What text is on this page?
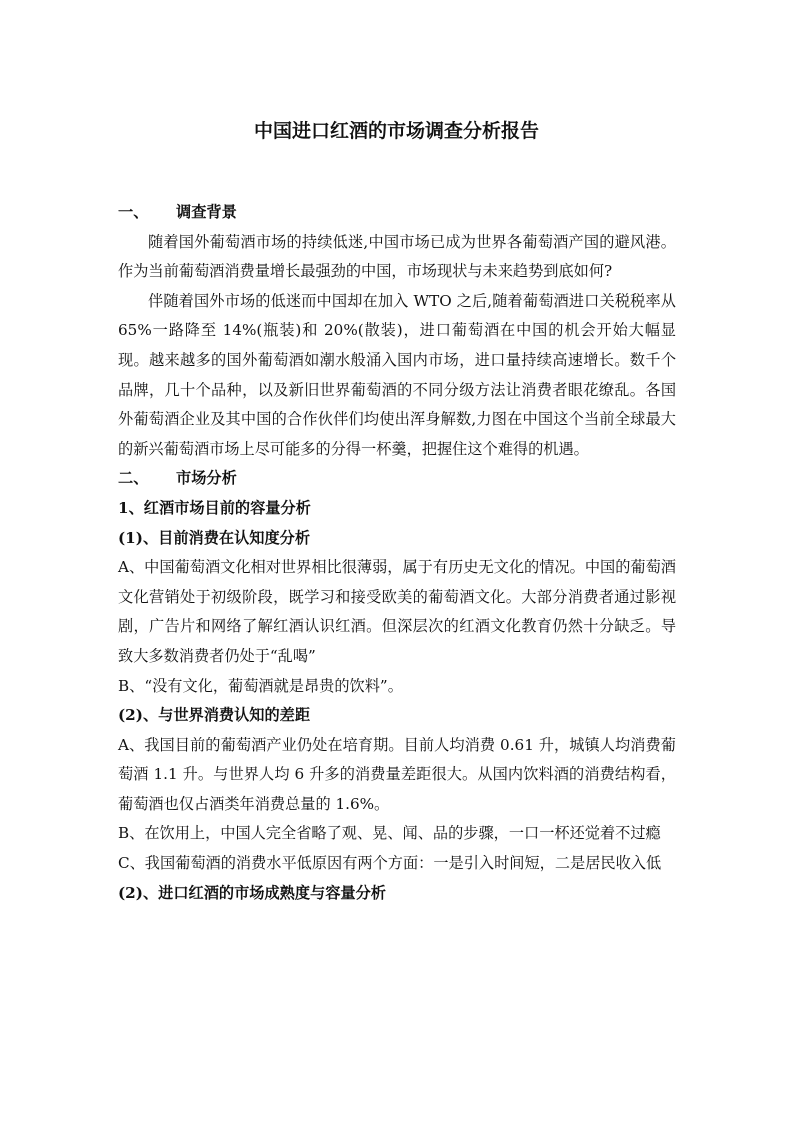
中国进口红酒的市场调查分析报告
一、 调查背景

随着国外葡萄酒市场的持续低迷,中国市场已成为世界各葡萄酒产国的避风港。作为当前葡萄酒消费量增长最强劲的中国，市场现状与未来趋势到底如何?

伴随着国外市场的低迷而中国却在加入 WTO 之后,随着葡萄酒进口关税税率从 65%一路降至 14%(瓶装)和 20%(散装)，进口葡萄酒在中国的机会开始大幅显现。越来越多的国外葡萄酒如潮水般涌入国内市场，进口量持续高速增长。数千个品牌，几十个品种，以及新旧世界葡萄酒的不同分级方法让消费者眼花缭乱。各国外葡萄酒企业及其中国的合作伙伴们均使出浑身解数,力图在中国这个当前全球最大的新兴葡萄酒市场上尽可能多的分得一杯羹，把握住这个难得的机遇。

二、 市场分析
1、红酒市场目前的容量分析
(1)、目前消费在认知度分析

A、中国葡萄酒文化相对世界相比很薄弱，属于有历史无文化的情况。中国的葡萄酒文化营销处于初级阶段，既学习和接受欧美的葡萄酒文化。大部分消费者通过影视剧，广告片和网络了解红酒认识红酒。但深层次的红酒文化教育仍然十分缺乏。导致大多数消费者仍处于“乱喝”

B、“没有文化，葡萄酒就是昂贵的饮料”。

(2)、与世界消费认知的差距

A、我国目前的葡萄酒产业仍处在培育期。目前人均消费 0.61 升，城镇人均消费葡萄酒 1.1 升。与世界人均 6 升多的消费量差距很大。从国内饮料酒的消费结构看，葡萄酒也仅占酒类年消费总量的 1.6%。

B、在饮用上，中国人完全省略了观、晃、闻、品的步骤，一口一杯还觉着不过瘾

C、我国葡萄酒的消费水平低原因有两个方面：一是引入时间短，二是居民收入低

(2)、进口红酒的市场成熟度与容量分析
